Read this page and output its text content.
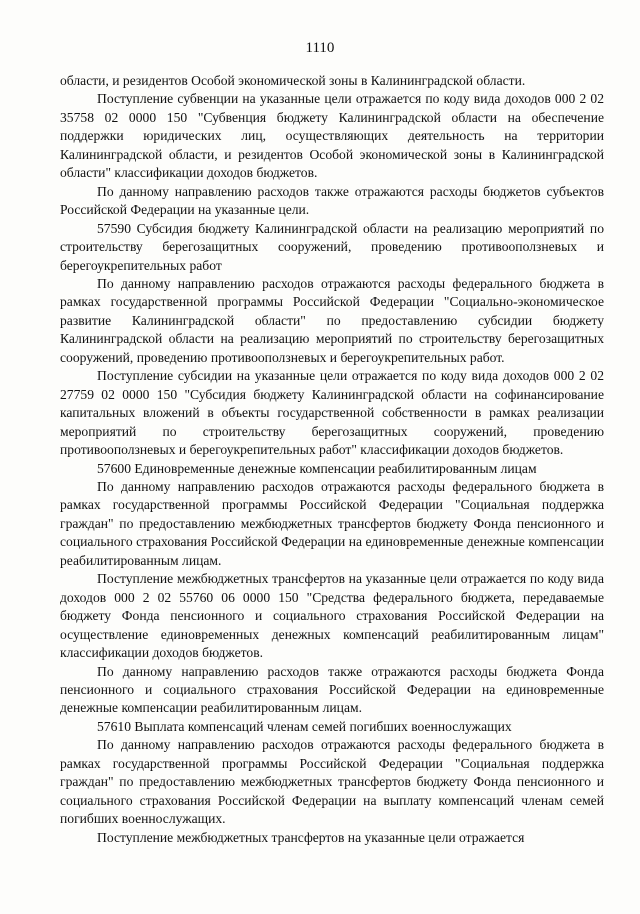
1110

области, и резидентов Особой экономической зоны в Калининградской области.

Поступление субвенции на указанные цели отражается по коду вида доходов 000 2 02 35758 02 0000 150 "Субвенция бюджету Калининградской области на обеспечение поддержки юридических лиц, осуществляющих деятельность на территории Калининградской области, и резидентов Особой экономической зоны в Калининградской области" классификации доходов бюджетов.

По данному направлению расходов также отражаются расходы бюджетов субъектов Российской Федерации на указанные цели.

57590 Субсидия бюджету Калининградской области на реализацию мероприятий по строительству берегозащитных сооружений, проведению противооползневых и берегоукрепительных работ

По данному направлению расходов отражаются расходы федерального бюджета в рамках государственной программы Российской Федерации "Социально-экономическое развитие Калининградской области" по предоставлению субсидии бюджету Калининградской области на реализацию мероприятий по строительству берегозащитных сооружений, проведению противооползневых и берегоукрепительных работ.

Поступление субсидии на указанные цели отражается по коду вида доходов 000 2 02 27759 02 0000 150 "Субсидия бюджету Калининградской области на софинансирование капитальных вложений в объекты государственной собственности в рамках реализации мероприятий по строительству берегозащитных сооружений, проведению противооползневых и берегоукрепительных работ" классификации доходов бюджетов.

57600 Единовременные денежные компенсации реабилитированным лицам

По данному направлению расходов отражаются расходы федерального бюджета в рамках государственной программы Российской Федерации "Социальная поддержка граждан" по предоставлению межбюджетных трансфертов бюджету Фонда пенсионного и социального страхования Российской Федерации на единовременные денежные компенсации реабилитированным лицам.

Поступление межбюджетных трансфертов на указанные цели отражается по коду вида доходов 000 2 02 55760 06 0000 150 "Средства федерального бюджета, передаваемые бюджету Фонда пенсионного и социального страхования Российской Федерации на осуществление единовременных денежных компенсаций реабилитированным лицам" классификации доходов бюджетов.

По данному направлению расходов также отражаются расходы бюджета Фонда пенсионного и социального страхования Российской Федерации на единовременные денежные компенсации реабилитированным лицам.

57610 Выплата компенсаций членам семей погибших военнослужащих

По данному направлению расходов отражаются расходы федерального бюджета в рамках государственной программы Российской Федерации "Социальная поддержка граждан" по предоставлению межбюджетных трансфертов бюджету Фонда пенсионного и социального страхования Российской Федерации на выплату компенсаций членам семей погибших военнослужащих.

Поступление межбюджетных трансфертов на указанные цели отражается
